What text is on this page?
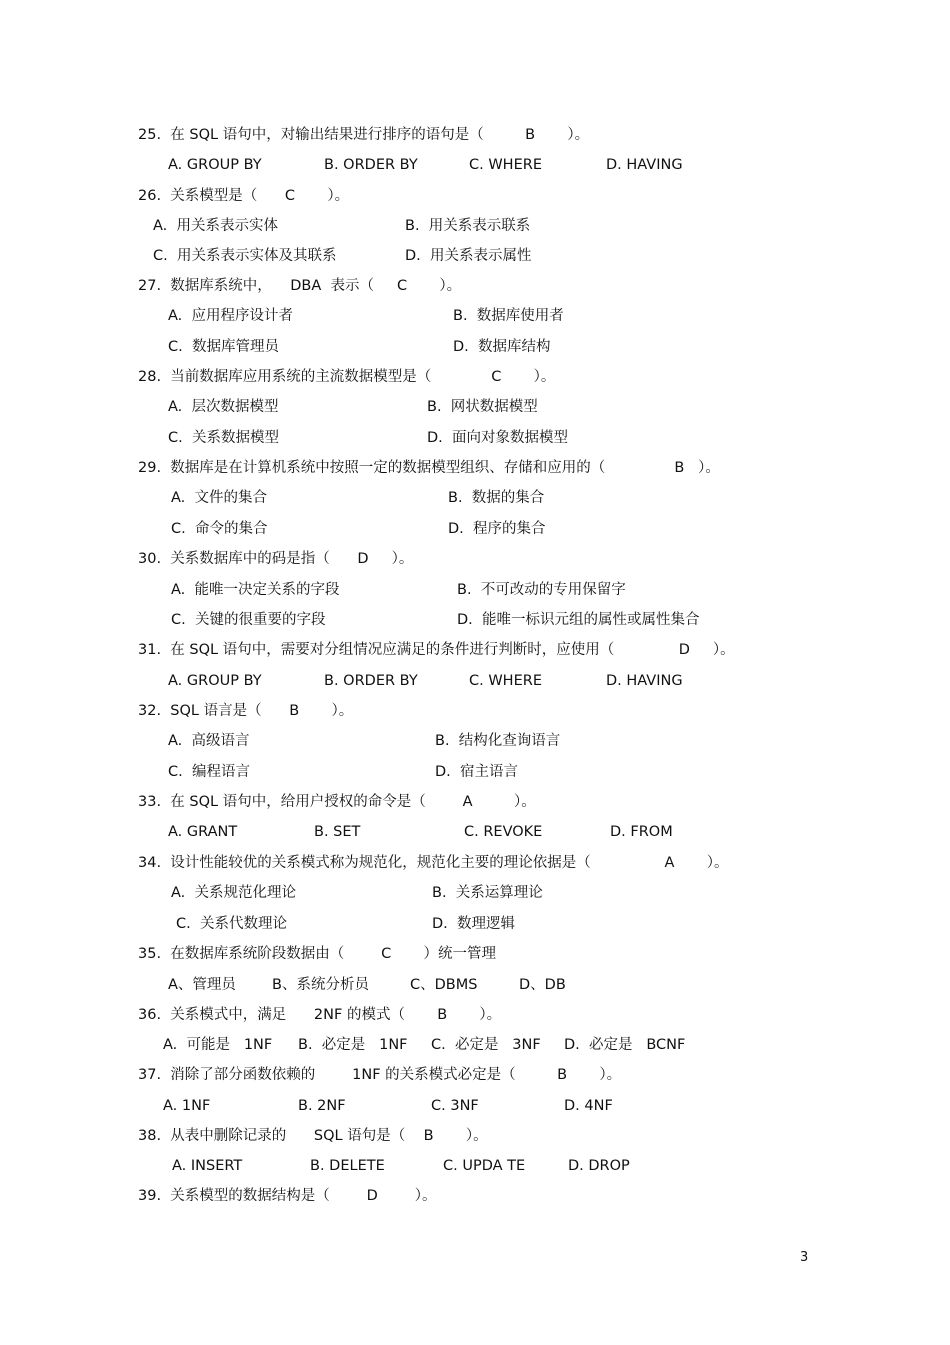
25.  在 SQL 语句中，对输出结果进行排序的语句是（         B       ）。
A. GROUP BY	B. ORDER BY	C. WHERE	D. HAVING
26.  关系模型是（      C       ）。
A.  用关系表示实体	B.  用关系表示联系
C.  用关系表示实体及其联系	D.  用关系表示属性
27.  数据库系统中，    DBA  表示（     C       ）。
A.  应用程序设计者	B.  数据库使用者
C.  数据库管理员	D.  数据库结构
28.  当前数据库应用系统的主流数据模型是（             C       ）。
A.  层次数据模型	B.  网状数据模型
C.  关系数据模型	D.  面向对象数据模型
29.  数据库是在计算机系统中按照一定的数据模型组织、存储和应用的（               B   ）。
A.  文件的集合	B.  数据的集合
C.  命令的集合	D.  程序的集合
30.  关系数据库中的码是指（      D     ）。
A.  能唯一决定关系的字段	B.  不可改动的专用保留字
C.  关键的很重要的字段	D.  能唯一标识元组的属性或属性集合
31.  在 SQL 语句中，需要对分组情况应满足的条件进行判断时，应使用（              D     ）。
A. GROUP BY	B. ORDER BY	C. WHERE	D. HAVING
32.  SQL 语言是（      B       ）。
A.  高级语言	B.  结构化查询语言
C.  编程语言	D.  宿主语言
33.  在 SQL 语句中，给用户授权的命令是（        A         ）。
A. GRANT	B. SET	C. REVOKE	D. FROM
34.  设计性能较优的关系模式称为规范化，规范化主要的理论依据是（                A       ）。
A.  关系规范化理论	B.  关系运算理论
C.  关系代数理论	D.  数理逻辑
35.  在数据库系统阶段数据由（        C       ）统一管理
A、管理员 B、系统分析员	C、DBMS	D、DB
36.  关系模式中，满足      2NF 的模式（       B       ）。
A.  可能是   1NF B.  必定是   1NF C.  必定是   3NF D.  必定是   BCNF
37.  消除了部分函数依赖的        1NF 的关系模式必定是（         B       ）。
A. 1NF	B. 2NF	C. 3NF	D. 4NF
38.  从表中删除记录的      SQL 语句是（    B       ）。
A. INSERT	B. DELETE	C. UPDA TE	D. DROP
39.  关系模型的数据结构是（        D        ）。
3
